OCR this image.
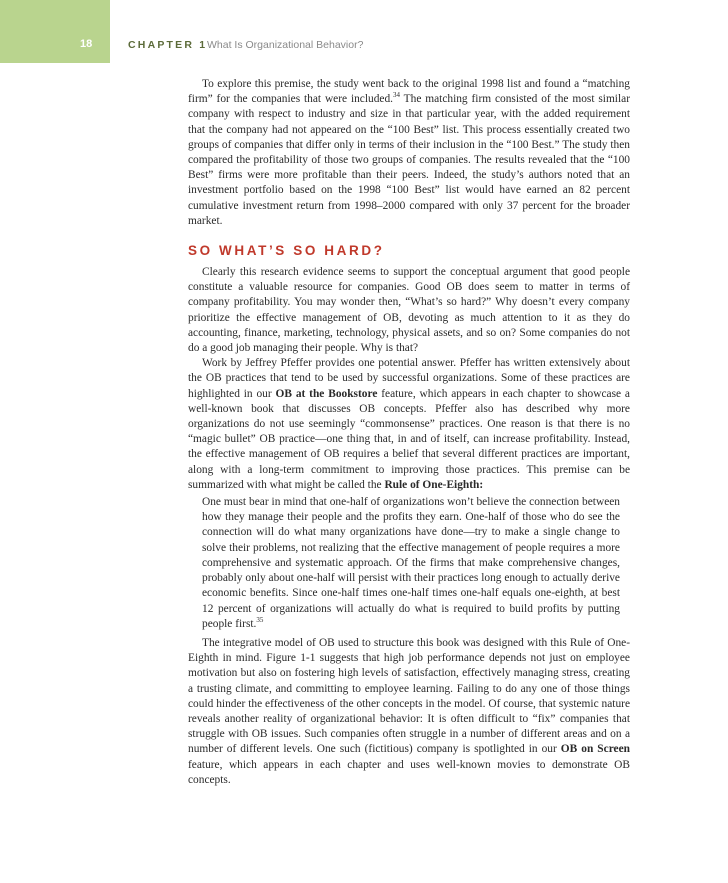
18	CHAPTER 1 What Is Organizational Behavior?

To explore this premise, the study went back to the original 1998 list and found a “matching firm” for the companies that were included.$^{34}$ The matching firm consisted of the most similar company with respect to industry and size in that particular year, with the added requirement that the company had not appeared on the “100 Best” list. This process essentially created two groups of companies that differ only in terms of their inclusion in the “100 Best.” The study then compared the profitability of those two groups of companies. The results revealed that the “100 Best” firms were more profitable than their peers. Indeed, the study’s authors noted that an investment portfolio based on the 1998 “100 Best” list would have earned an 82 percent cumulative investment return from 1998–2000 compared with only 37 percent for the broader market.

SO WHAT’S SO HARD?

Clearly this research evidence seems to support the conceptual argument that good people constitute a valuable resource for companies. Good OB does seem to matter in terms of company profitability. You may wonder then, “What’s so hard?” Why doesn’t every company prioritize the effective management of OB, devoting as much attention to it as they do accounting, finance, marketing, technology, physical assets, and so on? Some companies do not do a good job managing their people. Why is that?

Work by Jeffrey Pfeffer provides one potential answer. Pfeffer has written extensively about the OB practices that tend to be used by successful organizations. Some of these practices are highlighted in our OB at the Bookstore feature, which appears in each chapter to showcase a well-known book that discusses OB concepts. Pfeffer also has described why more organizations do not use seemingly “commonsense” practices. One reason is that there is no “magic bullet” OB practice—one thing that, in and of itself, can increase profitability. Instead, the effective management of OB requires a belief that several different practices are important, along with a long-term commitment to improving those practices. This premise can be summarized with what might be called the Rule of One-Eighth:

One must bear in mind that one-half of organizations won’t believe the connection between how they manage their people and the profits they earn. One-half of those who do see the connection will do what many organizations have done—try to make a single change to solve their problems, not realizing that the effective management of people requires a more comprehensive and systematic approach. Of the firms that make comprehensive changes, probably only about one-half will persist with their practices long enough to actually derive economic benefits. Since one-half times one-half times one-half equals one-eighth, at best 12 percent of organizations will actually do what is required to build profits by putting people first.$^{35}$

The integrative model of OB used to structure this book was designed with this Rule of One-Eighth in mind. Figure 1-1 suggests that high job performance depends not just on employee motivation but also on fostering high levels of satisfaction, effectively managing stress, creating a trusting climate, and committing to employee learning. Failing to do any one of those things could hinder the effectiveness of the other concepts in the model. Of course, that systemic nature reveals another reality of organizational behavior: It is often difficult to “fix” companies that struggle with OB issues. Such companies often struggle in a number of different areas and on a number of different levels. One such (fictitious) company is spotlighted in our OB on Screen feature, which appears in each chapter and uses well-known movies to demonstrate OB concepts.
